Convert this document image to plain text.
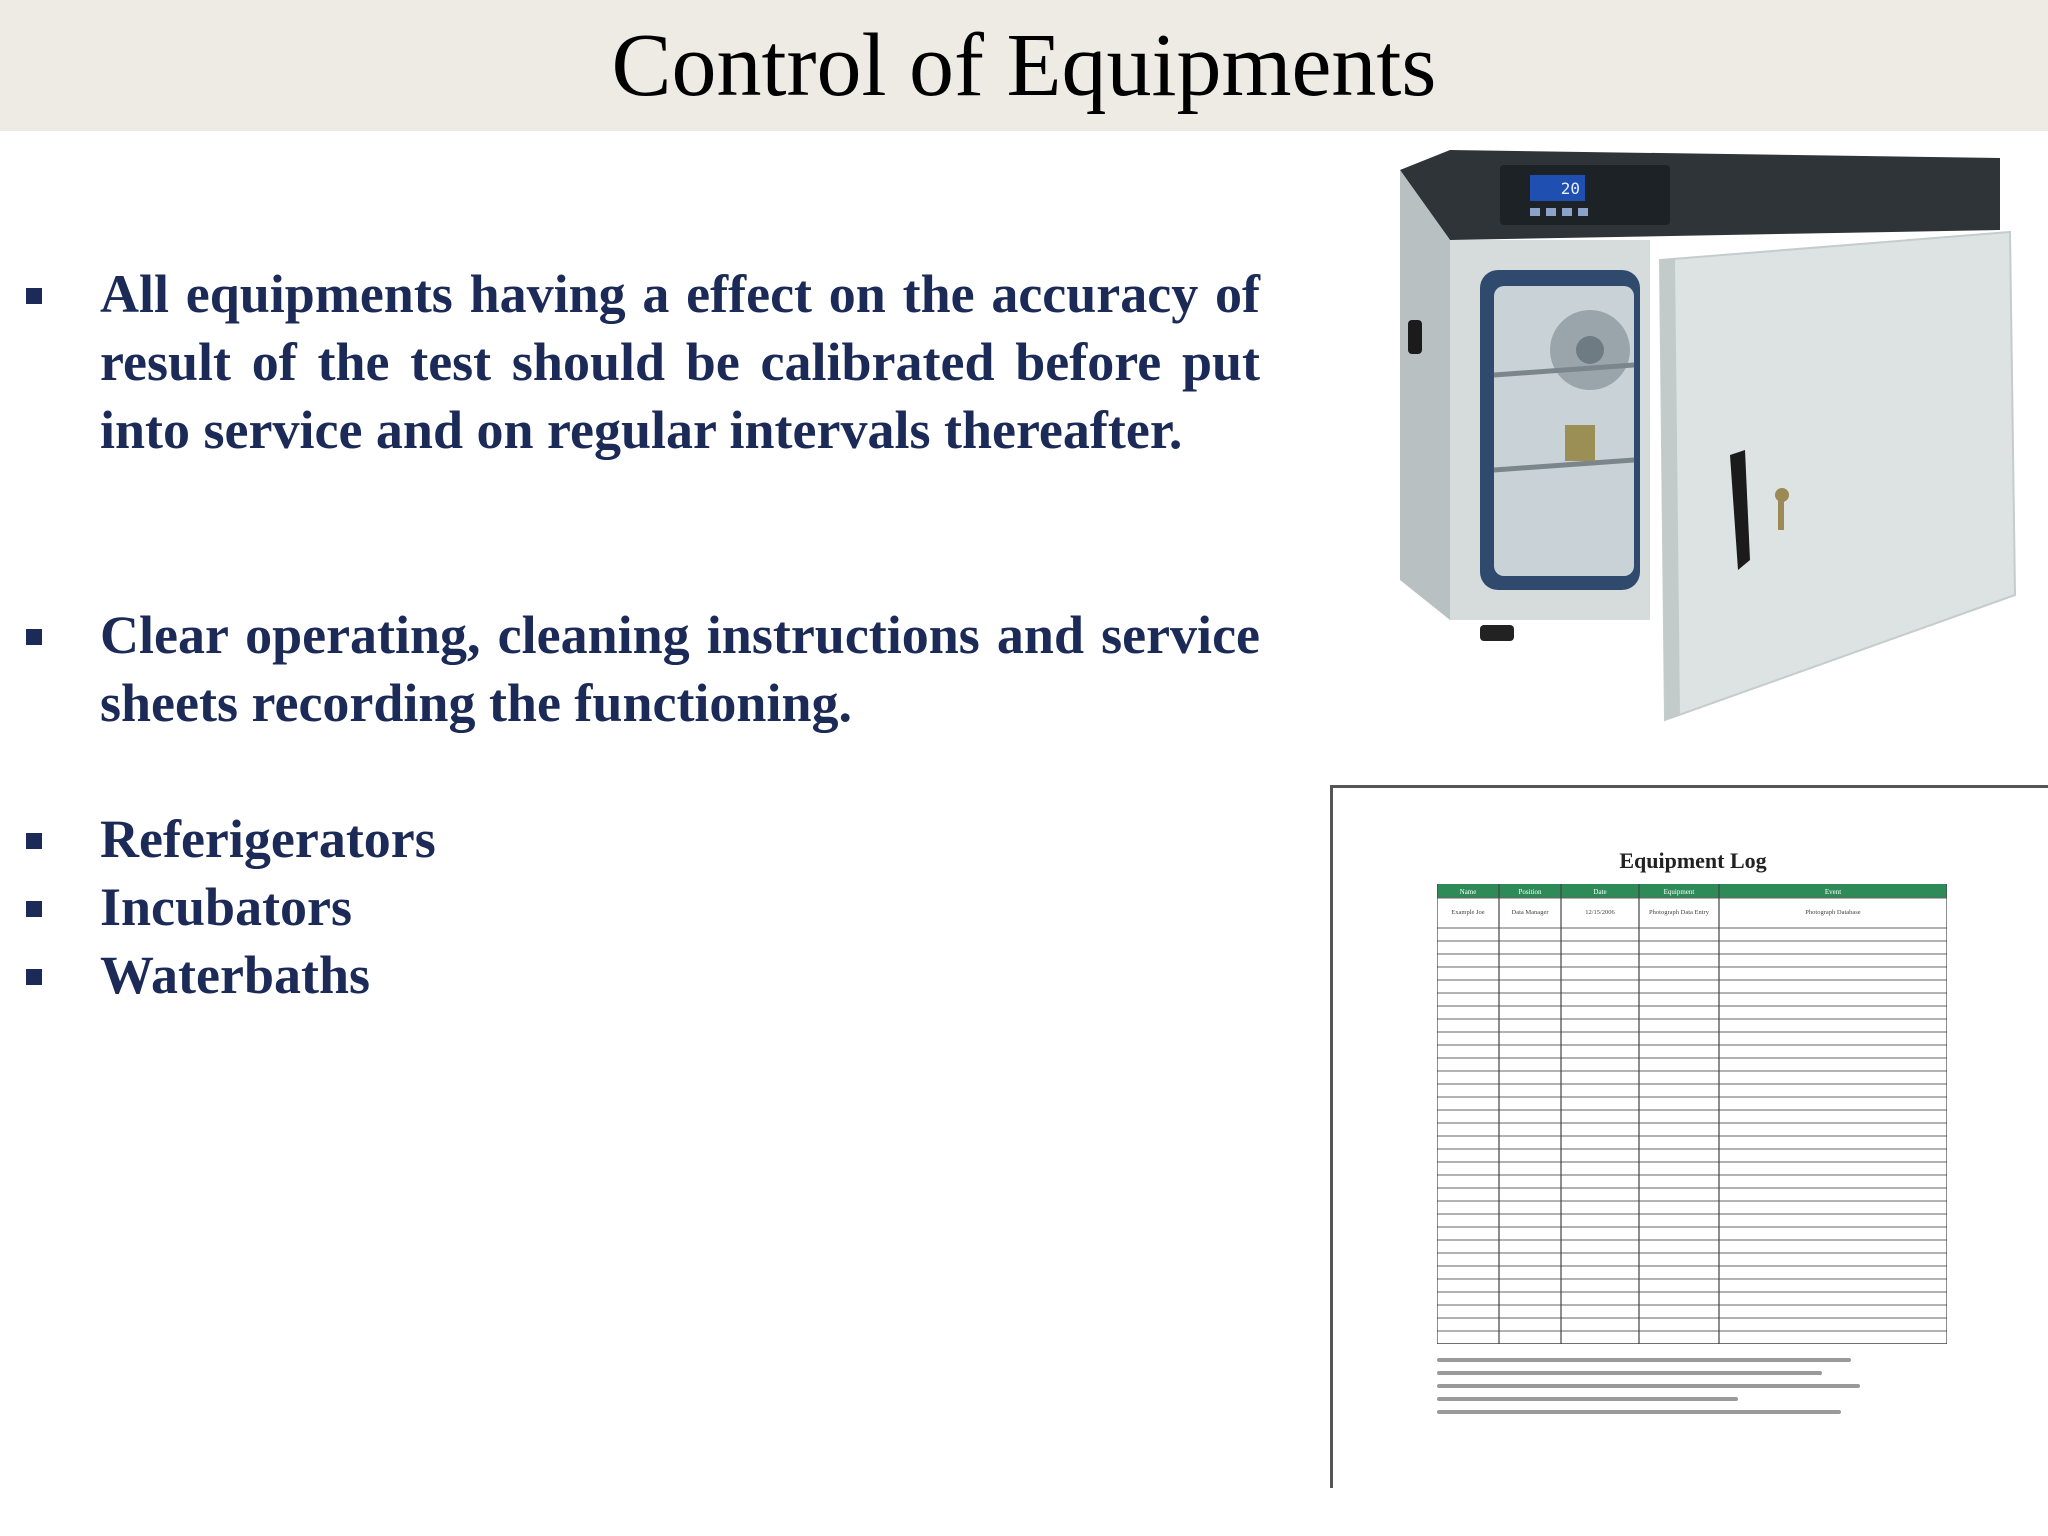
Control of Equipments
All equipments having a effect on the accuracy of result of the test should be calibrated before put into service and on regular intervals thereafter.
Clear operating, cleaning instructions and service sheets recording the functioning.
Referigerators
Incubators
Waterbaths
20
Equipment Log
Name	Position	Date	Equipment	Event
Example Joe	Data Manager	12/15/2006	Photograph Data Entry	Photograph Database
